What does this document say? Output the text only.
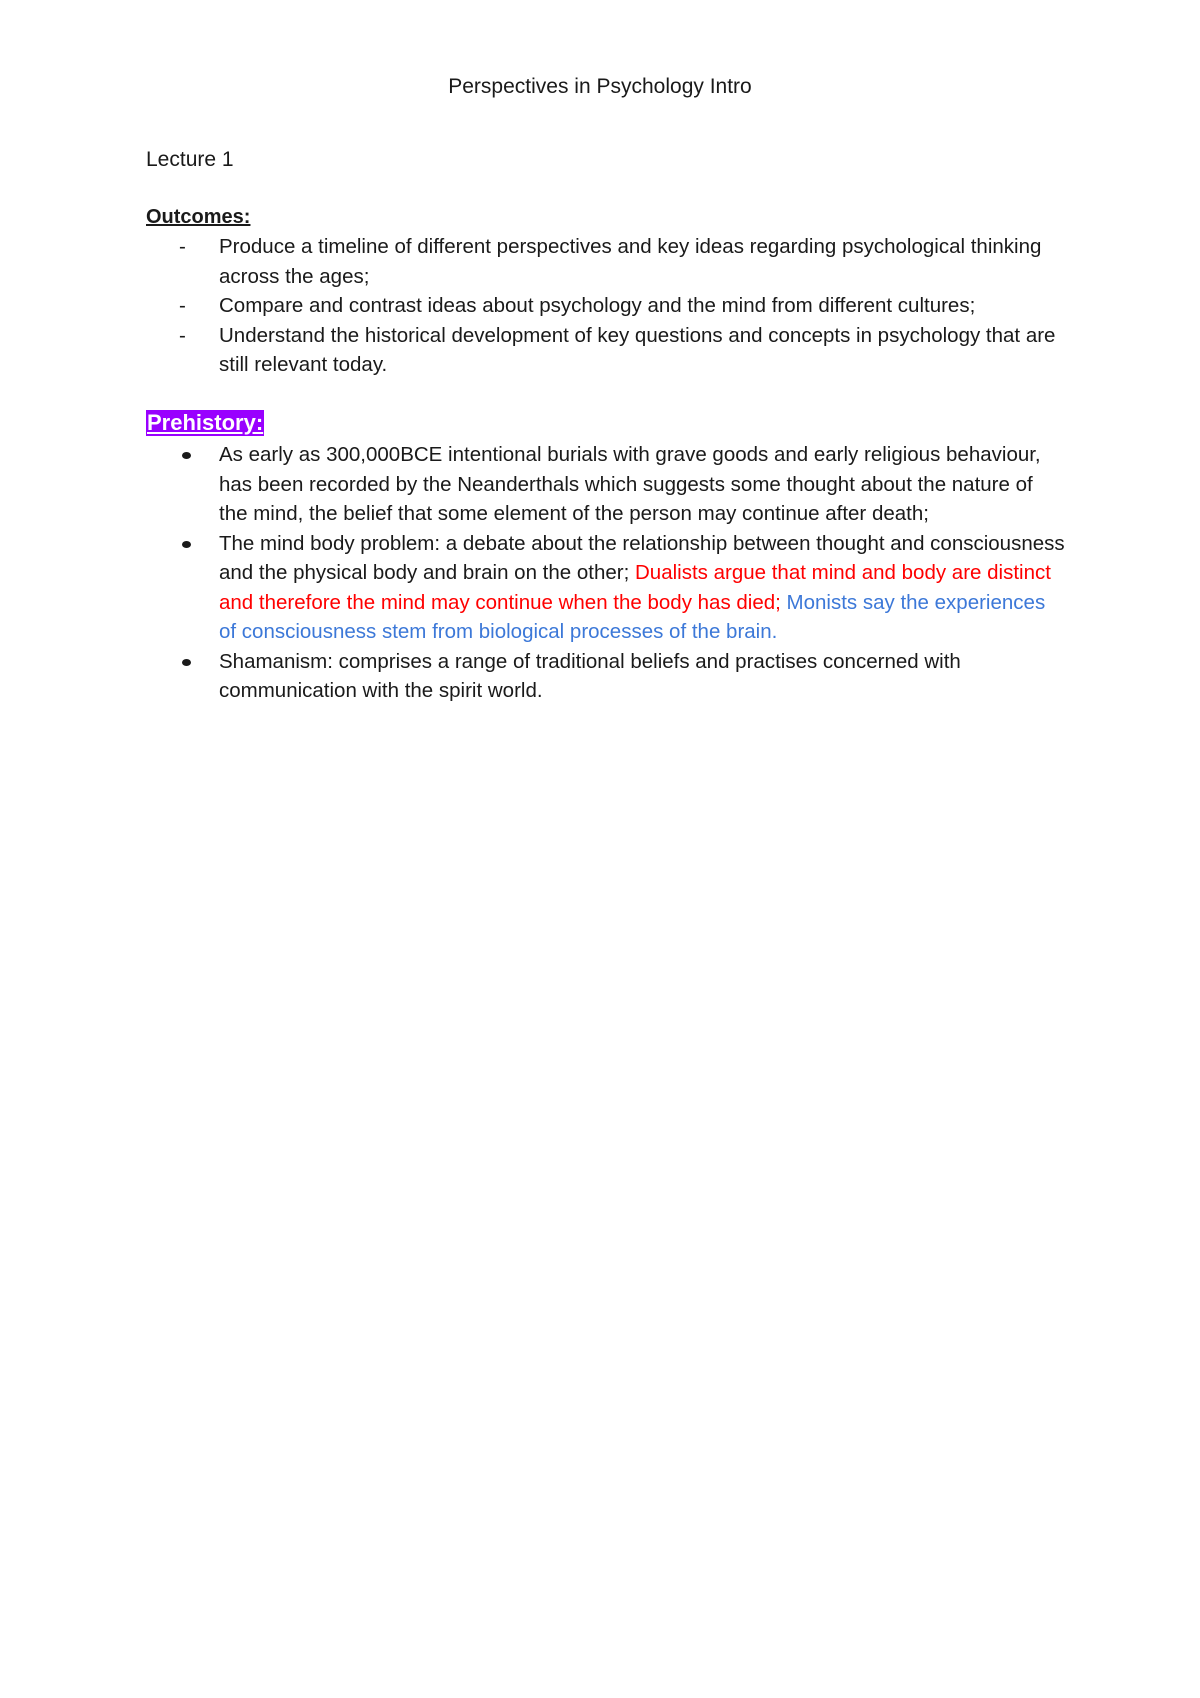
Perspectives in Psychology Intro
Lecture 1
Outcomes:
-	Produce a timeline of different perspectives and key ideas regarding psychological thinking across the ages;
-	Compare and contrast ideas about psychology and the mind from different cultures;
-	Understand the historical development of key questions and concepts in psychology that are still relevant today.
Prehistory:
As early as 300,000BCE intentional burials with grave goods and early religious behaviour, has been recorded by the Neanderthals which suggests some thought about the nature of the mind, the belief that some element of the person may continue after death;
The mind body problem: a debate about the relationship between thought and consciousness and the physical body and brain on the other; Dualists argue that mind and body are distinct and therefore the mind may continue when the body has died; Monists say the experiences of consciousness stem from biological processes of the brain.
Shamanism: comprises a range of traditional beliefs and practises concerned with communication with the spirit world.
